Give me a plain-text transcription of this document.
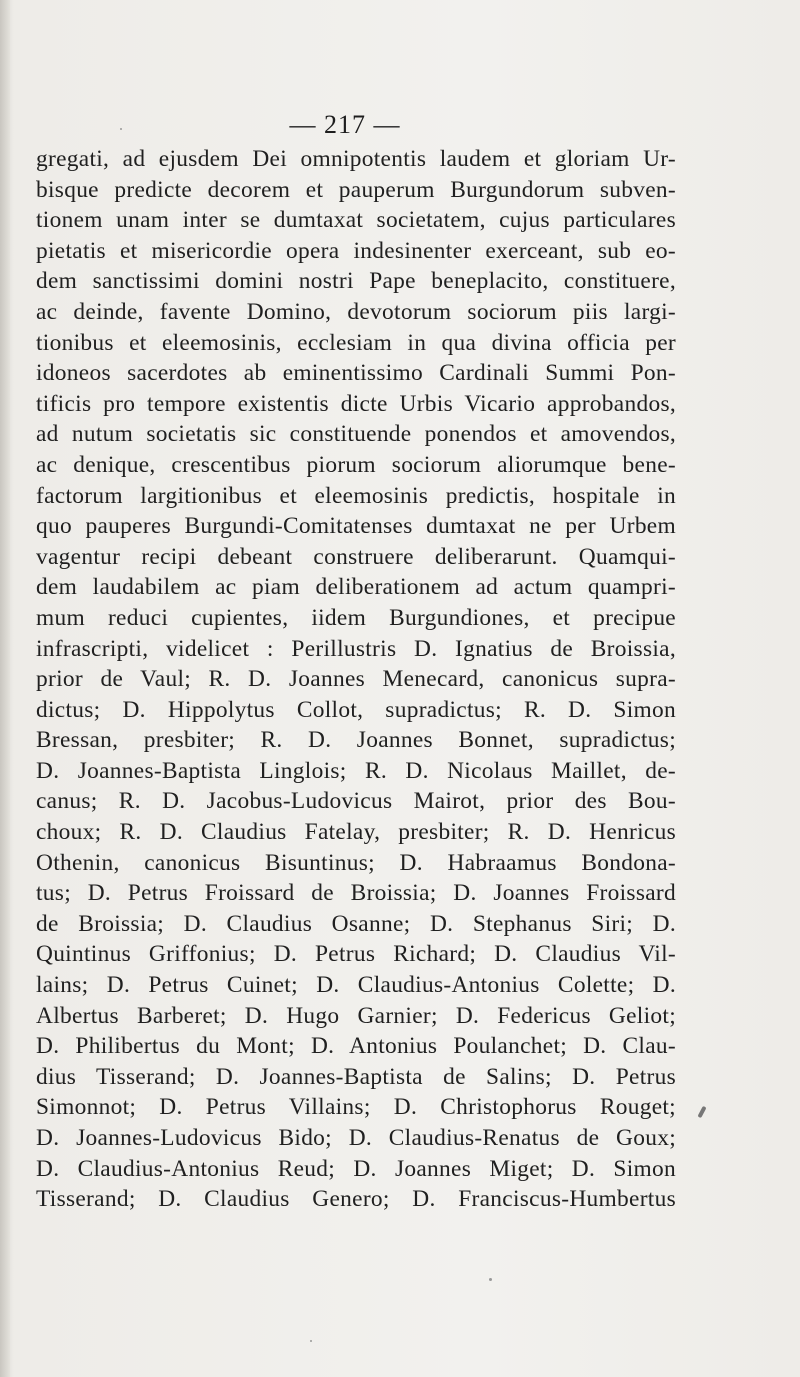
— 217 —
gregati, ad ejusdem Dei omnipotentis laudem et gloriam Ur-
bisque predicte decorem et pauperum Burgundorum subven-
tionem unam inter se dumtaxat societatem, cujus particulares
pietatis et misericordie opera indesinenter exerceant, sub eo-
dem sanctissimi domini nostri Pape beneplacito, constituere,
ac deinde, favente Domino, devotorum sociorum piis largi-
tionibus et eleemosinis, ecclesiam in qua divina officia per
idoneos sacerdotes ab eminentissimo Cardinali Summi Pon-
tificis pro tempore existentis dicte Urbis Vicario approbandos,
ad nutum societatis sic constituende ponendos et amovendos,
ac denique, crescentibus piorum sociorum aliorumque bene-
factorum largitionibus et eleemosinis predictis, hospitale in
quo pauperes Burgundi-Comitatenses dumtaxat ne per Urbem
vagentur recipi debeant construere deliberarunt. Quamqui-
dem laudabilem ac piam deliberationem ad actum quampri-
mum reduci cupientes, iidem Burgundiones, et precipue
infrascripti, videlicet : Perillustris D. Ignatius de Broissia,
prior de Vaul; R. D. Joannes Menecard, canonicus supra-
dictus; D. Hippolytus Collot, supradictus; R. D. Simon
Bressan, presbiter; R. D. Joannes Bonnet, supradictus;
D. Joannes-Baptista Linglois; R. D. Nicolaus Maillet, de-
canus; R. D. Jacobus-Ludovicus Mairot, prior des Bou-
choux; R. D. Claudius Fatelay, presbiter; R. D. Henricus
Othenin, canonicus Bisuntinus; D. Habraamus Bondona-
tus; D. Petrus Froissard de Broissia; D. Joannes Froissard
de Broissia; D. Claudius Osanne; D. Stephanus Siri; D.
Quintinus Griffonius; D. Petrus Richard; D. Claudius Vil-
lains; D. Petrus Cuinet; D. Claudius-Antonius Colette; D.
Albertus Barberet; D. Hugo Garnier; D. Federicus Geliot;
D. Philibertus du Mont; D. Antonius Poulanchet; D. Clau-
dius Tisserand; D. Joannes-Baptista de Salins; D. Petrus
Simonnot; D. Petrus Villains; D. Christophorus Rouget;
D. Joannes-Ludovicus Bido; D. Claudius-Renatus de Goux;
D. Claudius-Antonius Reud; D. Joannes Miget; D. Simon
Tisserand; D. Claudius Genero; D. Franciscus-Humbertus
